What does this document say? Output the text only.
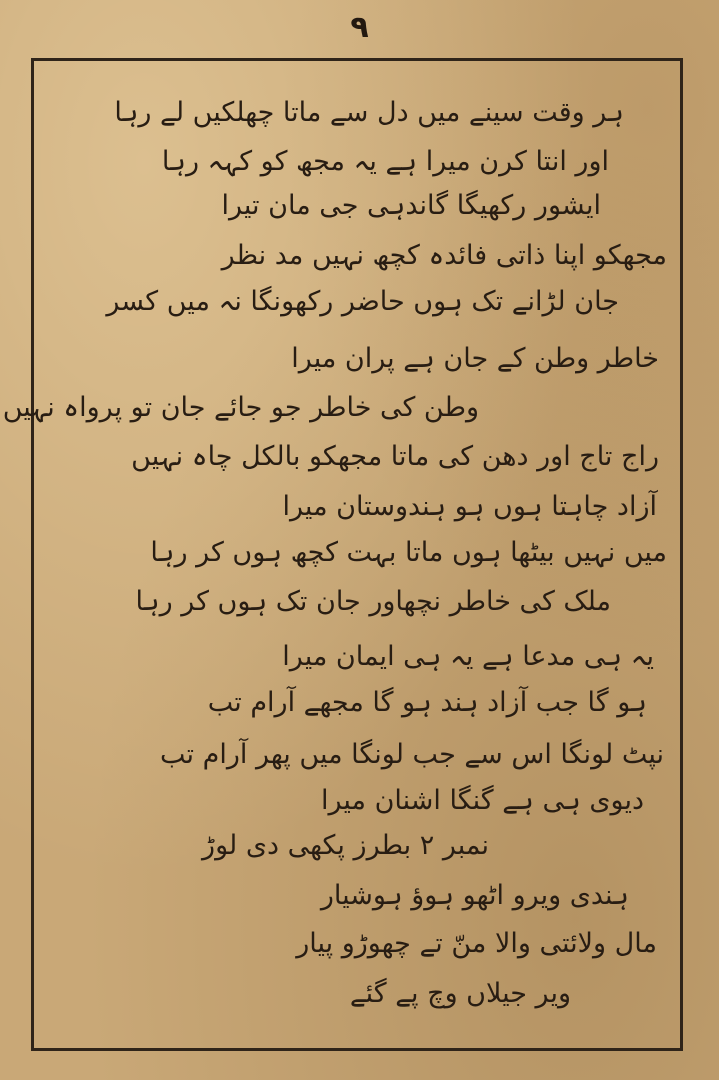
۹
ہر وقت سینے میں دل سے ماتا چھلکیں لے رہا
اور انتا کرن میرا ہے یہ مجھ کو کہہ رہا
ایشور رکھیگا گاندہی جی مان تیرا
مجھکو اپنا ذاتی فائدہ کچھ نہیں مد نظر
جان لڑانے تک ہوں حاضر رکھونگا نہ میں کسر
خاطر وطن کے جان ہے پران میرا
وطن کی خاطر جو جائے جان تو پرواہ نہیں
راج تاج اور دھن کی ماتا مجھکو بالکل چاہ نہیں
آزاد چاہتا ہوں ہو ہندوستان میرا
میں نہیں بیٹھا ہوں ماتا بہت کچھ ہوں کر رہا
ملک کی خاطر نچھاور جان تک ہوں کر رہا
یہ ہی مدعا ہے یہ ہی ایمان میرا
ہو گا جب آزاد ہند ہو گا مجھے آرام تب
نپٹ لونگا اس سے جب لونگا میں پھر آرام تب
دیوی ہی ہے گنگا اشنان میرا
نمبر ۲ بطرز پکھی دی لوڑ
ہندی ویرو اٹھو ہوؤ ہوشیار
مال ولائتی والا منّ تے چھوڑو پیار
ویر جیلاں وچ پے گئے
